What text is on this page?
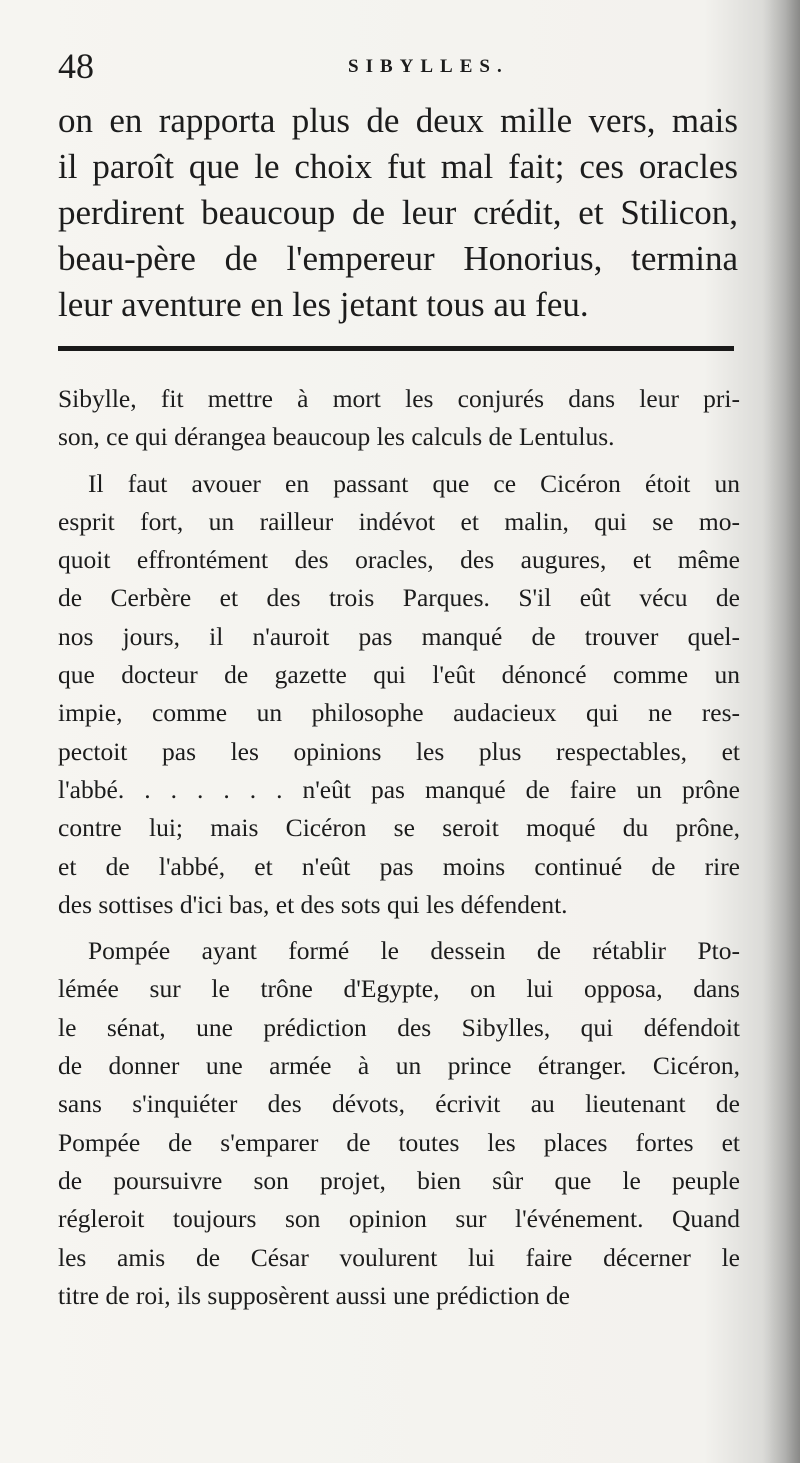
48	SIBYLLES.
on en rapporta plus de deux mille vers, mais
il paroît que le choix fut mal fait; ces oracles
perdirent beaucoup de leur crédit, et Stilicon,
beau-père de l'empereur Honorius, termina
leur aventure en les jetant tous au feu.
Sibylle, fit mettre à mort les conjurés dans leur pri-
son, ce qui dérangea beaucoup les calculs de Lentulus.
Il faut avouer en passant que ce Cicéron étoit un
esprit fort, un railleur indévot et malin, qui se mo-
quoit effrontément des oracles, des augures, et même
de Cerbère et des trois Parques. S'il eût vécu de
nos jours, il n'auroit pas manqué de trouver quel-
que docteur de gazette qui l'eût dénoncé comme un
impie, comme un philosophe audacieux qui ne res-
pectoit pas les opinions les plus respectables, et
l'abbé. . . . . . . n'eût pas manqué de faire un prône
contre lui; mais Cicéron se seroit moqué du prône,
et de l'abbé, et n'eût pas moins continué de rire
des sottises d'ici bas, et des sots qui les défendent.
Pompée ayant formé le dessein de rétablir Pto-
lémée sur le trône d'Egypte, on lui opposa, dans
le sénat, une prédiction des Sibylles, qui défendoit
de donner une armée à un prince étranger. Cicéron,
sans s'inquiéter des dévots, écrivit au lieutenant de
Pompée de s'emparer de toutes les places fortes et
de poursuivre son projet, bien sûr que le peuple
régleroit toujours son opinion sur l'événement. Quand
les amis de César voulurent lui faire décerner le
titre de roi, ils supposèrent aussi une prédiction de
